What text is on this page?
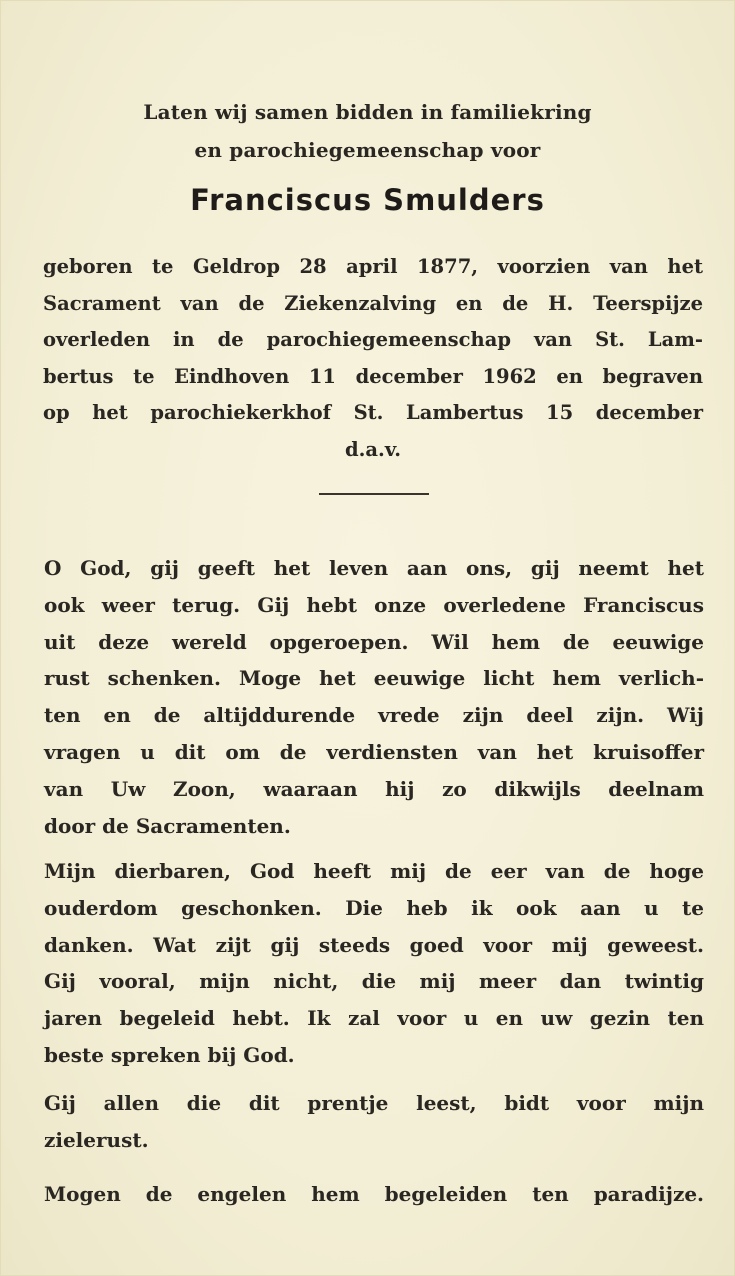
Laten wij samen bidden in familiekring
en parochiegemeenschap voor
Franciscus Smulders
geboren te Geldrop 28 april 1877, voorzien van het
Sacrament van de Ziekenzalving en de H. Teerspijze
overleden in de parochiegemeenschap van St. Lam-
bertus te Eindhoven 11 december 1962 en begraven
op het parochiekerkhof St. Lambertus 15 december
d.a.v.
O God, gij geeft het leven aan ons, gij neemt het
ook weer terug. Gij hebt onze overledene Franciscus
uit deze wereld opgeroepen. Wil hem de eeuwige
rust schenken. Moge het eeuwige licht hem verlich-
ten en de altijddurende vrede zijn deel zijn. Wij
vragen u dit om de verdiensten van het kruisoffer
van Uw Zoon, waaraan hij zo dikwijls deelnam
door de Sacramenten.
Mijn dierbaren, God heeft mij de eer van de hoge
ouderdom geschonken. Die heb ik ook aan u te
danken. Wat zijt gij steeds goed voor mij geweest.
Gij vooral, mijn nicht, die mij meer dan twintig
jaren begeleid hebt. Ik zal voor u en uw gezin ten
beste spreken bij God.
Gij allen die dit prentje leest, bidt voor mijn
zielerust.
Mogen de engelen hem begeleiden ten paradijze.
